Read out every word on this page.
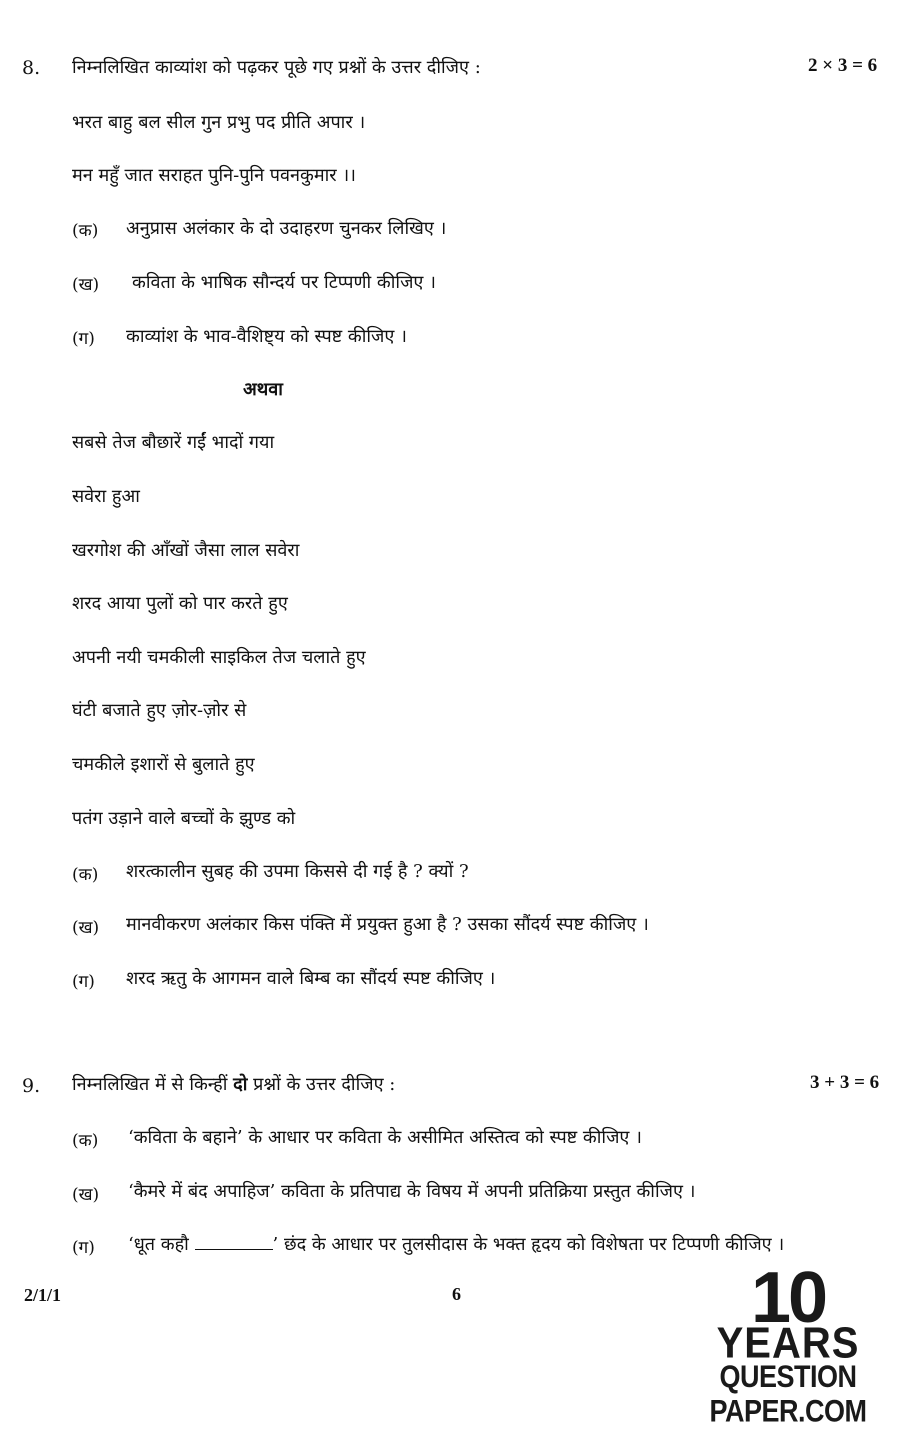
8. निम्नलिखित काव्यांश को पढ़कर पूछे गए प्रश्नों के उत्तर दीजिए :	2 × 3 = 6
भरत बाहु बल सील गुन प्रभु पद प्रीति अपार ।
मन महुँ जात सराहत पुनि-पुनि पवनकुमार ।।
(क) अनुप्रास अलंकार के दो उदाहरण चुनकर लिखिए ।
(ख) कविता के भाषिक सौन्दर्य पर टिप्पणी कीजिए ।
(ग) काव्यांश के भाव-वैशिष्ट्य को स्पष्ट कीजिए ।
अथवा
सबसे तेज बौछारें गईं भादों गया
सवेरा हुआ
खरगोश की आँखों जैसा लाल सवेरा
शरद आया पुलों को पार करते हुए
अपनी नयी चमकीली साइकिल तेज चलाते हुए
घंटी बजाते हुए ज़ोर-ज़ोर से
चमकीले इशारों से बुलाते हुए
पतंग उड़ाने वाले बच्चों के झुण्ड को
(क) शरत्कालीन सुबह की उपमा किससे दी गई है ? क्यों ?
(ख) मानवीकरण अलंकार किस पंक्ति में प्रयुक्त हुआ है ? उसका सौंदर्य स्पष्ट कीजिए ।
(ग) शरद ऋतु के आगमन वाले बिम्ब का सौंदर्य स्पष्ट कीजिए ।
9. निम्नलिखित में से किन्हीं दो प्रश्नों के उत्तर दीजिए :	3 + 3 = 6
(क) ‘कविता के बहाने’ के आधार पर कविता के असीमित अस्तित्व को स्पष्ट कीजिए ।
(ख) ‘कैमरे में बंद अपाहिज’ कविता के प्रतिपाद्य के विषय में अपनी प्रतिक्रिया प्रस्तुत कीजिए ।
(ग) ‘धूत कहौ	’ छंद के आधार पर तुलसीदास के भक्त हृदय को विशेषता पर टिप्पणी कीजिए ।
2/1/1	6	10
YEARS
QUESTION PAPER.COM
